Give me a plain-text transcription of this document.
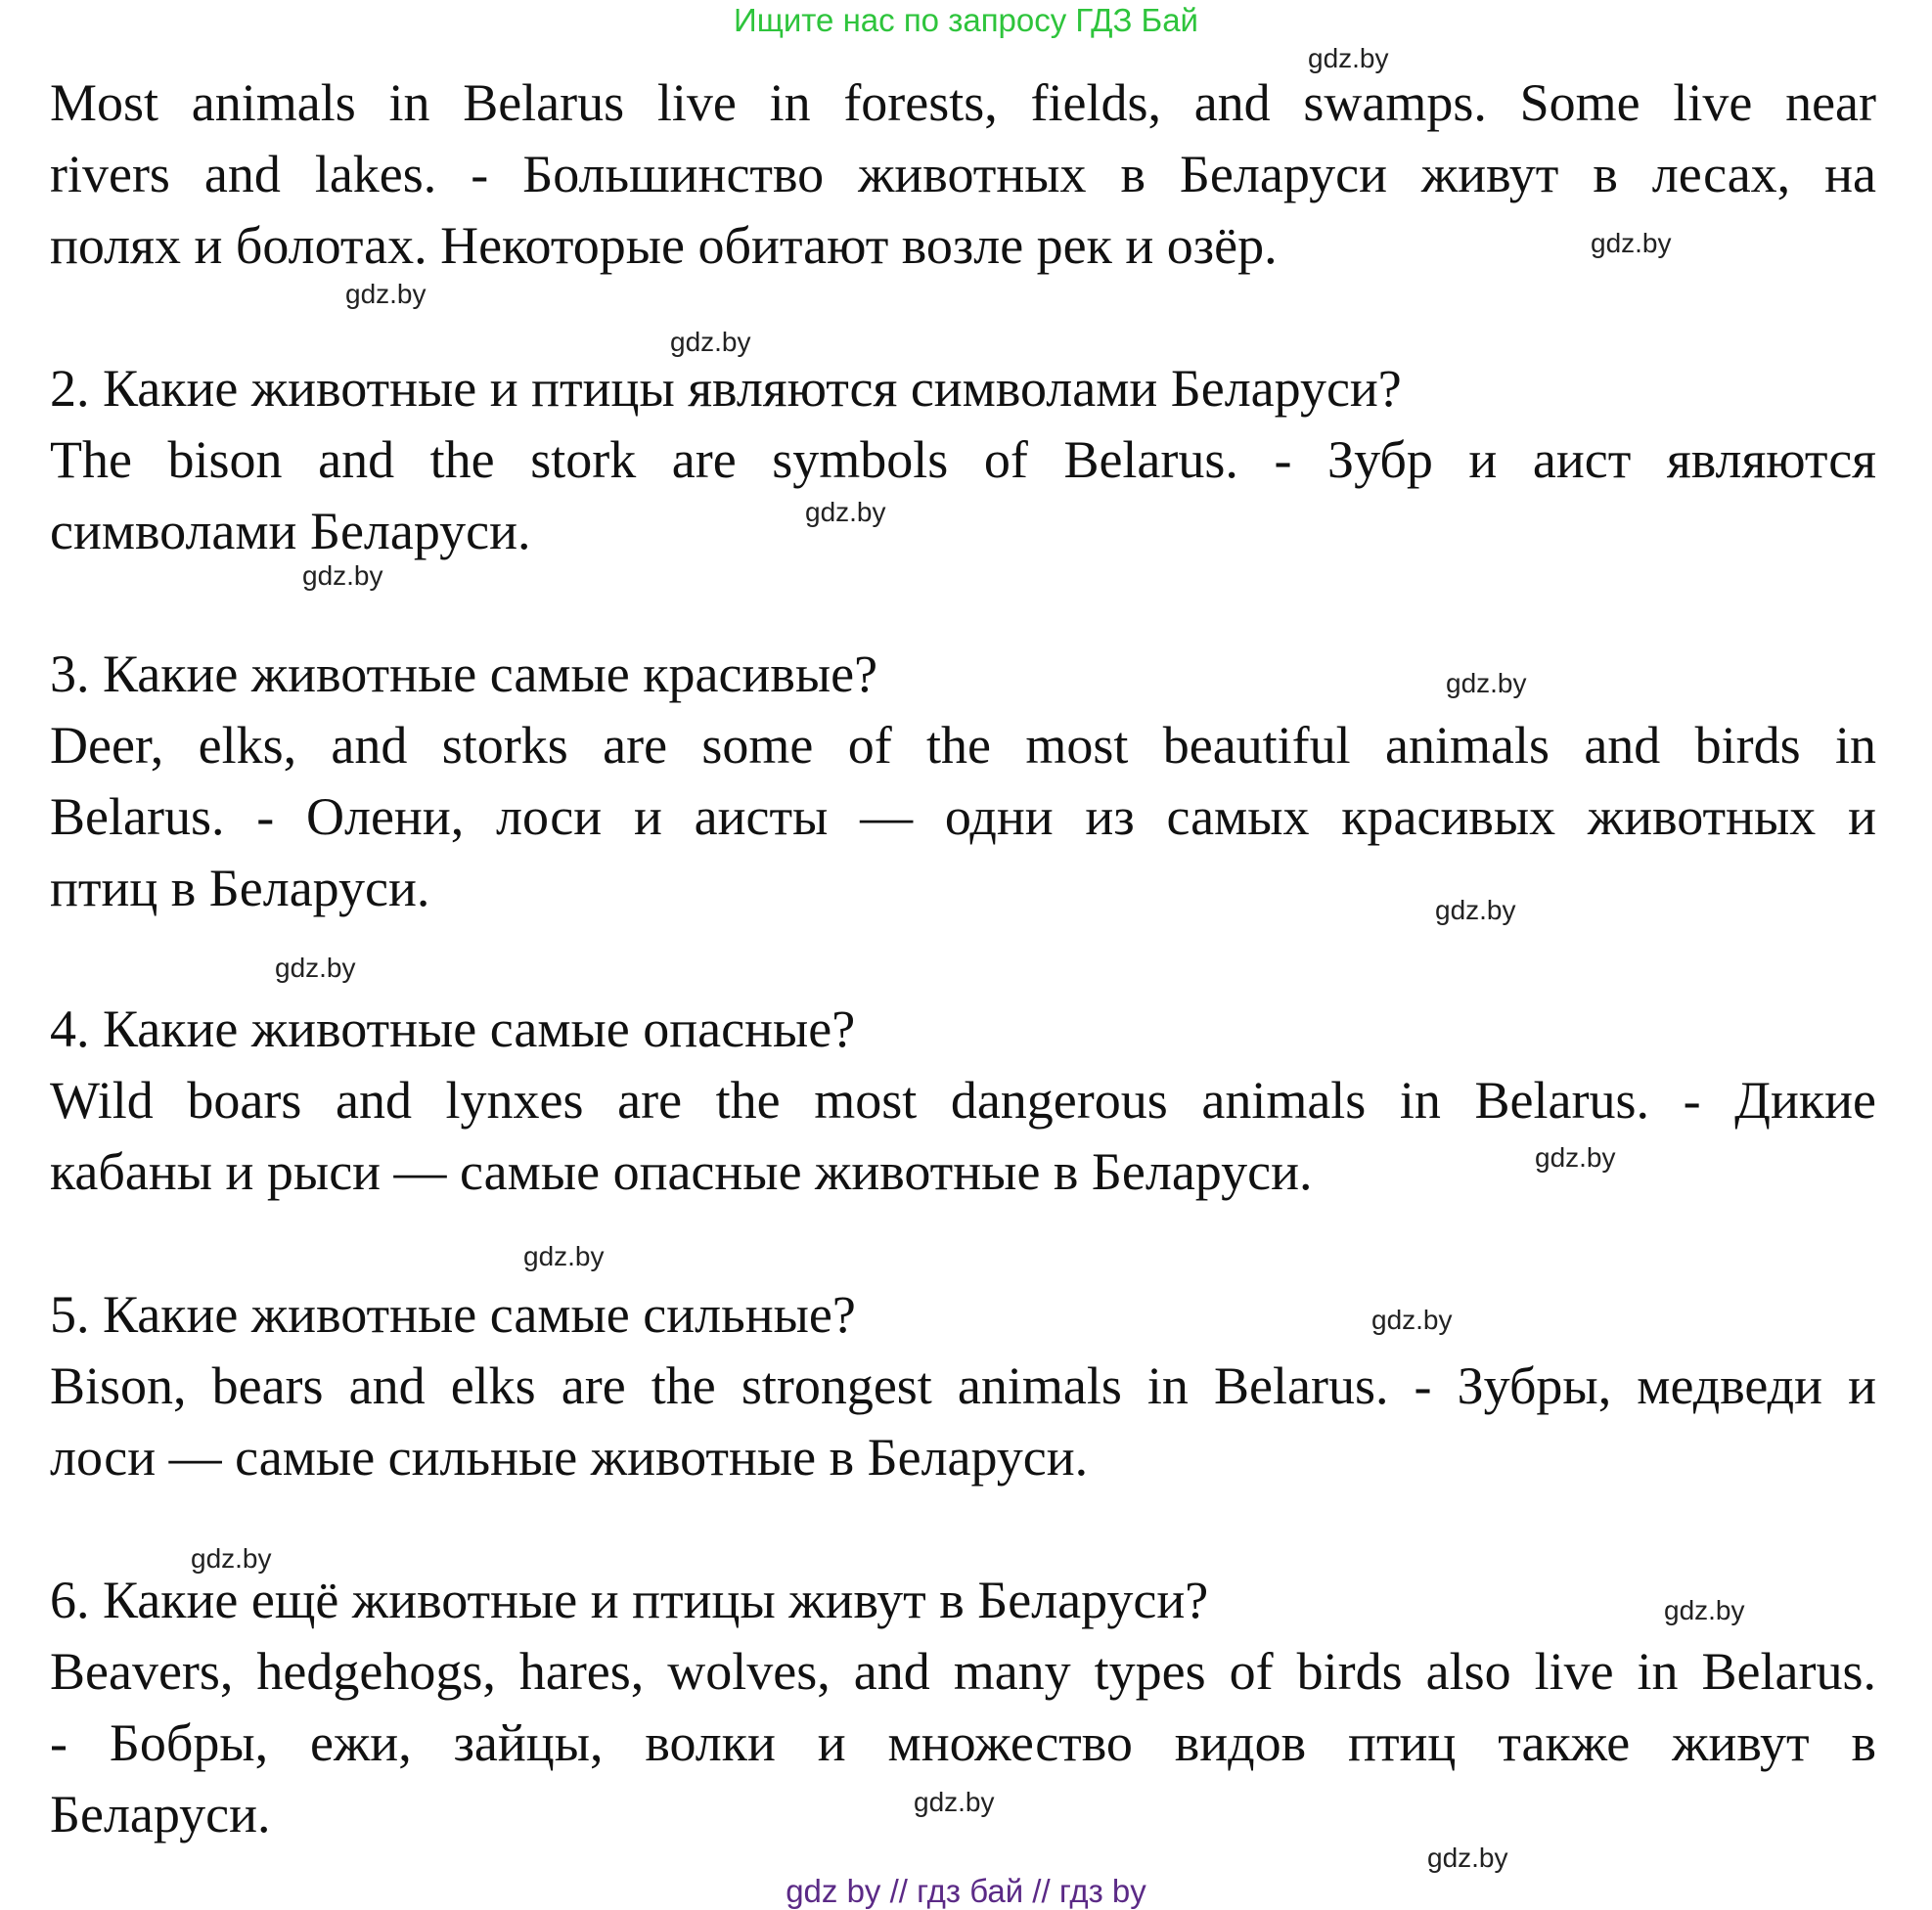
Ищите нас по запросу ГДЗ Бай
Most animals in Belarus live in forests, fields, and swamps. Some live near
rivers and lakes. - Большинство животных в Беларуси живут в лесах, на
полях и болотах. Некоторые обитают возле рек и озёр.
2. Какие животные и птицы являются символами Беларуси?
The bison and the stork are symbols of Belarus. - Зубр и аист являются
символами Беларуси.
3. Какие животные самые красивые?
Deer, elks, and storks are some of the most beautiful animals and birds in
Belarus. - Олени, лоси и аисты — одни из самых красивых животных и
птиц в Беларуси.
4. Какие животные самые опасные?
Wild boars and lynxes are the most dangerous animals in Belarus. - Дикие
кабаны и рыси — самые опасные животные в Беларуси.
5. Какие животные самые сильные?
Bison, bears and elks are the strongest animals in Belarus. - Зубры, медведи и
лоси — самые сильные животные в Беларуси.
6. Какие ещё животные и птицы живут в Беларуси?
Beavers, hedgehogs, hares, wolves, and many types of birds also live in Belarus.
- Бобры, ежи, зайцы, волки и множество видов птиц также живут в
Беларуси.
gdz.by
gdz.by
gdz.by
gdz.by
gdz.by
gdz.by
gdz.by
gdz.by
gdz.by
gdz.by
gdz.by
gdz.by
gdz.by
gdz.by
gdz.by
gdz.by
gdz by // гдз бай // гдз by
